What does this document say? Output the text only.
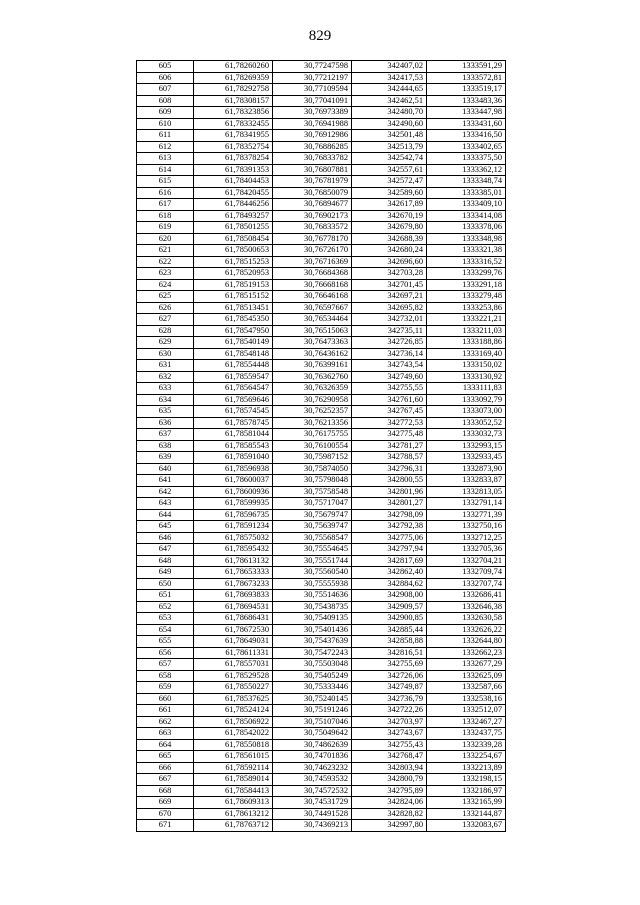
829
605	61,78260260	30,77247598	342407,02	1333591,29
606	61,78269359	30,77212197	342417,53	1333572,81
607	61,78292758	30,77109594	342444,65	1333519,17
608	61,78308157	30,77041091	342462,51	1333483,36
609	61,78323856	30,76973389	342480,70	1333447,98
610	61,78332455	30,76941988	342490,60	1333431,60
611	61,78341955	30,76912986	342501,48	1333416,50
612	61,78352754	30,76886285	342513,79	1333402,65
613	61,78378254	30,76833782	342542,74	1333375,50
614	61,78391353	30,76807881	342557,61	1333362,12
615	61,78404453	30,76781979	342572,47	1333348,74
616	61,78420455	30,76850079	342589,60	1333385,01
617	61,78446256	30,76894677	342617,89	1333409,10
618	61,78493257	30,76902173	342670,19	1333414,08
619	61,78501255	30,76833572	342679,80	1333378,06
620	61,78508454	30,76778170	342688,39	1333348,98
621	61,78500653	30,76726170	342680,24	1333321,38
622	61,78515253	30,76716369	342696,60	1333316,52
623	61,78520953	30,76684368	342703,28	1333299,76
624	61,78519153	30,76668168	342701,45	1333291,18
625	61,78515152	30,76646168	342697,21	1333279,48
626	61,78513451	30,76597667	342695,82	1333253,86
627	61,78545350	30,76534464	342732,01	1333221,21
628	61,78547950	30,76515063	342735,11	1333211,03
629	61,78540149	30,76473363	342726,85	1333188,86
630	61,78548148	30,76436162	342736,14	1333169,40
631	61,78554448	30,76399161	342743,54	1333150,02
632	61,78559547	30,76362760	342749,60	1333130,92
633	61,78564547	30,76326359	342755,55	1333111,83
634	61,78569646	30,76290958	342761,60	1333092,79
635	61,78574545	30,76252357	342767,45	1333073,00
636	61,78578745	30,76213356	342772,53	1333052,52
637	61,78581044	30,76175755	342775,48	1333032,73
638	61,78585543	30,76100554	342781,27	1332993,15
639	61,78591040	30,75987152	342788,57	1332933,45
640	61,78596938	30,75874050	342796,31	1332873,90
641	61,78600037	30,75798048	342800,55	1332833,87
642	61,78600936	30,75758548	342801,96	1332813,05
643	61,78599935	30,75717047	342801,27	1332791,14
644	61,78596735	30,75679747	342798,09	1332771,39
645	61,78591234	30,75639747	342792,38	1332750,16
646	61,78575032	30,75568547	342775,06	1332712,25
647	61,78595432	30,75554645	342797,94	1332705,36
648	61,78613132	30,75551744	342817,69	1332704,21
649	61,78653333	30,75560540	342862,40	1332709,74
650	61,78673233	30,75555938	342884,62	1332707,74
651	61,78693833	30,75514636	342908,00	1332686,41
652	61,78694531	30,75438735	342909,57	1332646,38
653	61,78686431	30,75409135	342900,85	1332630,58
654	61,78672530	30,75401436	342885,44	1332626,22
655	61,78649031	30,75437639	342858,88	1332644,80
656	61,78611331	30,75472243	342816,51	1332662,23
657	61,78557031	30,75503048	342755,69	1332677,29
658	61,78529528	30,75405249	342726,06	1332625,09
659	61,78550227	30,75333446	342749,87	1332587,66
660	61,78537625	30,75240145	342736,79	1332538,16
661	61,78524124	30,75191246	342722,26	1332512,07
662	61,78506922	30,75107046	342703,97	1332467,27
663	61,78542022	30,75049642	342743,67	1332437,75
664	61,78550818	30,74862639	342755,43	1332339,28
665	61,78561015	30,74701836	342768,47	1332254,67
666	61,78592114	30,74623232	342803,94	1332213,89
667	61,78589014	30,74593532	342800,79	1332198,15
668	61,78584413	30,74572532	342795,89	1332186,97
669	61,78609313	30,74531729	342824,06	1332165,99
670	61,78613212	30,74491528	342828,82	1332144,87
671	61,78763712	30,74369213	342997,80	1332083,67
